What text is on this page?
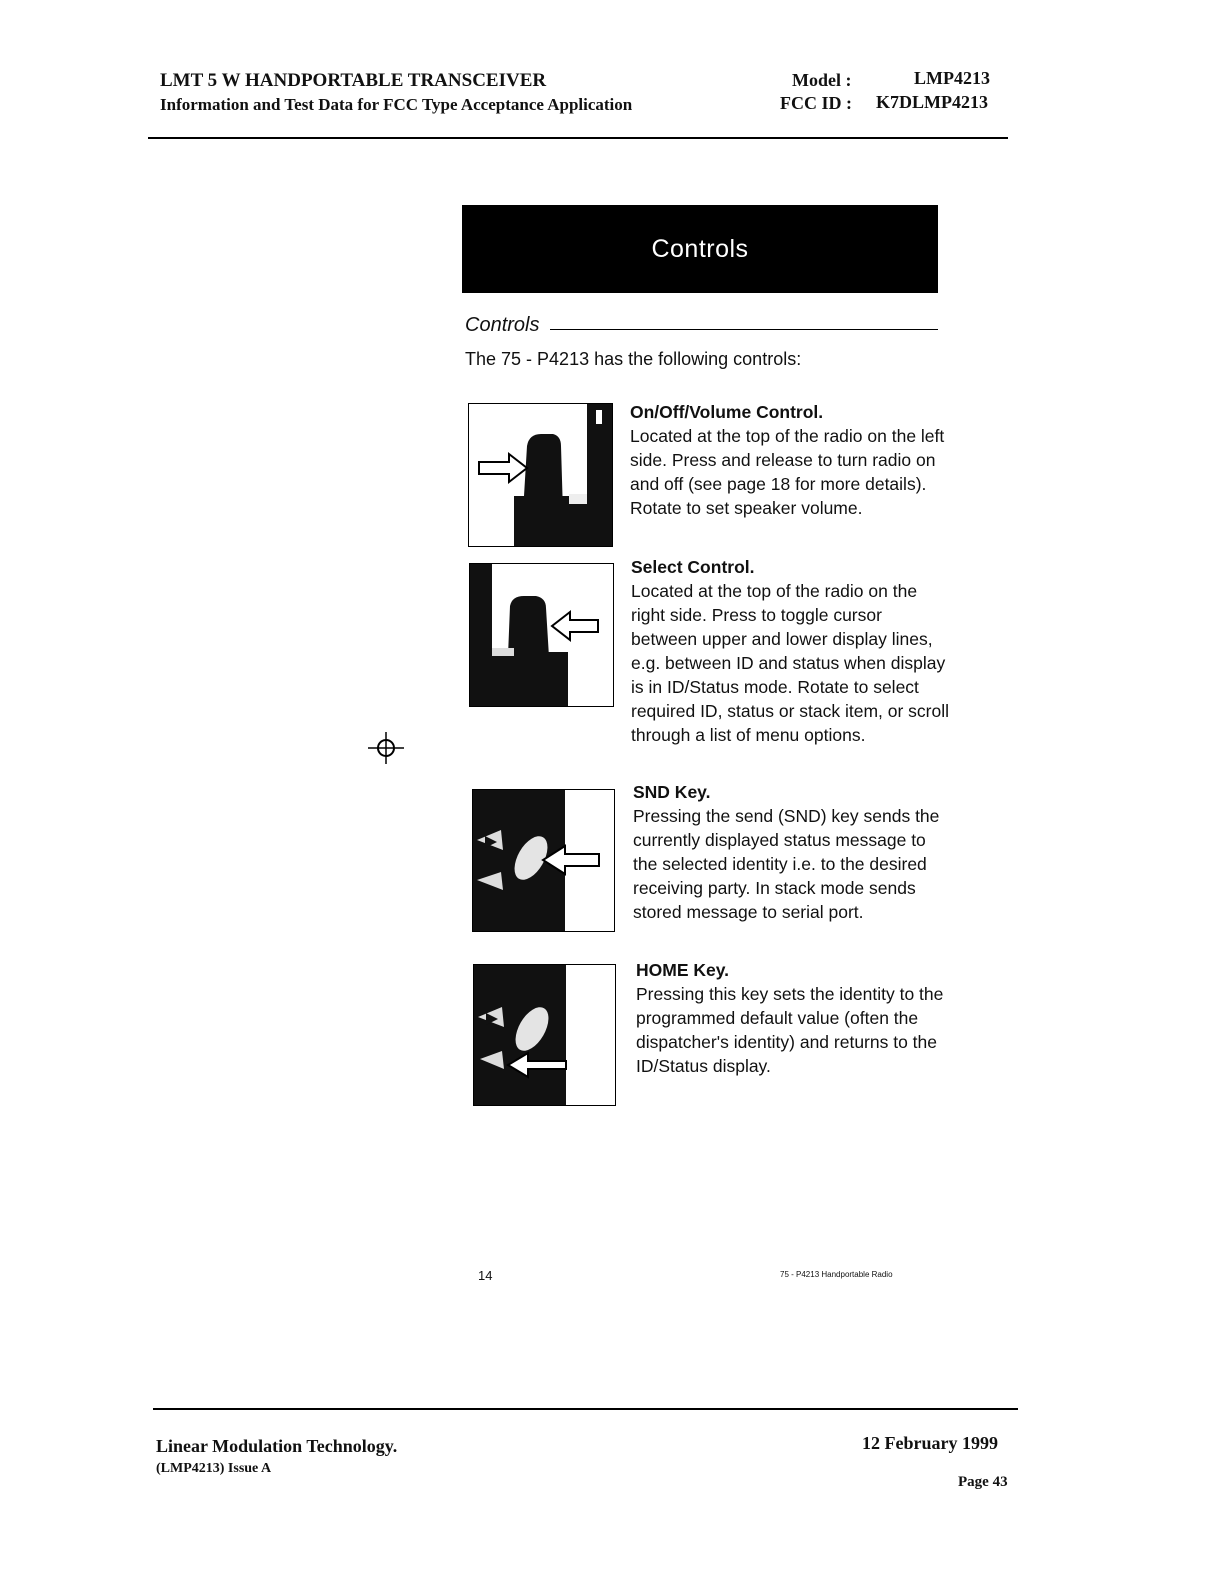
LMT 5 W HANDPORTABLE TRANSCEIVER
Information and Test Data for FCC Type Acceptance Application
Model :	LMP4213
FCC ID : K7DLMP4213
Controls
Controls
The 75 - P4213 has the following controls:
On/Off/Volume Control.
Located at the top of the radio on the left side. Press and release to turn radio on and off (see page 18 for more details). Rotate to set speaker volume.
Select Control.
Located at the top of the radio on the right side. Press to toggle cursor between upper and lower display lines, e.g. between ID and status when display is in ID/Status mode. Rotate to select required ID, status or stack item, or scroll through a list of menu options.
SND Key.
Pressing the send (SND) key sends the currently displayed status message to the selected identity i.e. to the desired receiving party. In stack mode sends stored message to serial port.
HOME Key.
Pressing this key sets the identity to the programmed default value (often the dispatcher's identity) and returns to the ID/Status display.
14	75 - P4213 Handportable Radio
Linear Modulation Technology.
(LMP4213) Issue A
12 February 1999
Page 43
